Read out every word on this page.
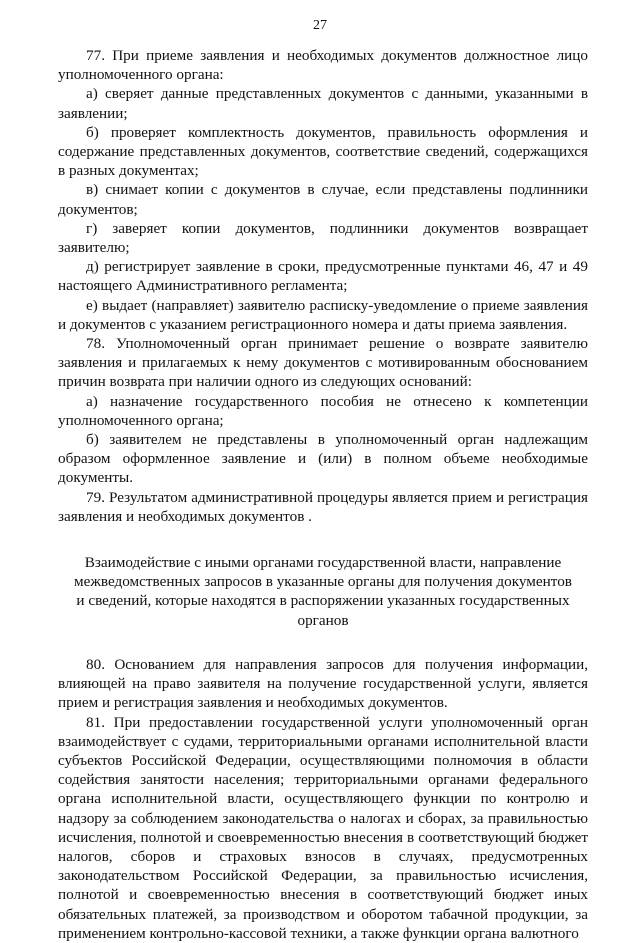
27

77. При приеме заявления и необходимых документов должностное лицо уполномоченного органа:

а) сверяет данные представленных документов с данными, указанными в заявлении;

б) проверяет комплектность документов, правильность оформления и содержание представленных документов, соответствие сведений, содержащихся в разных документах;

в) снимает копии с документов в случае, если представлены подлинники документов;

г) заверяет копии документов, подлинники документов возвращает заявителю;

д) регистрирует заявление в сроки, предусмотренные пунктами 46, 47 и 49 настоящего Административного регламента;

е) выдает (направляет) заявителю расписку-уведомление о приеме заявления и документов с указанием регистрационного номера и даты приема заявления.

78. Уполномоченный орган принимает решение о возврате заявителю заявления и прилагаемых к нему документов с мотивированным обоснованием причин возврата при наличии одного из следующих оснований:

а) назначение государственного пособия не отнесено к компетенции уполномоченного органа;

б) заявителем не представлены в уполномоченный орган надлежащим образом оформленное заявление и (или) в полном объеме необходимые документы.

79. Результатом административной процедуры является прием и регистрация заявления и необходимых документов .

Взаимодействие с иными органами государственной власти, направление межведомственных запросов в указанные органы для получения документов и сведений, которые находятся в распоряжении указанных государственных органов

80. Основанием для направления запросов для получения информации, влияющей на право заявителя на получение государственной услуги, является прием и регистрация заявления и необходимых документов.

81. При предоставлении государственной услуги уполномоченный орган взаимодействует с судами, территориальными органами исполнительной власти субъектов Российской Федерации, осуществляющими полномочия в области содействия занятости населения; территориальными органами федерального органа исполнительной власти, осуществляющего функции по контролю и надзору за соблюдением законодательства о налогах и сборах, за правильностью исчисления, полнотой и своевременностью внесения в соответствующий бюджет налогов, сборов и страховых взносов в случаях, предусмотренных законодательством Российской Федерации, за правильностью исчисления, полнотой и своевременностью внесения в соответствующий бюджет иных обязательных платежей, за производством и оборотом табачной продукции, за применением контрольно-кассовой техники, а также функции органа валютного
